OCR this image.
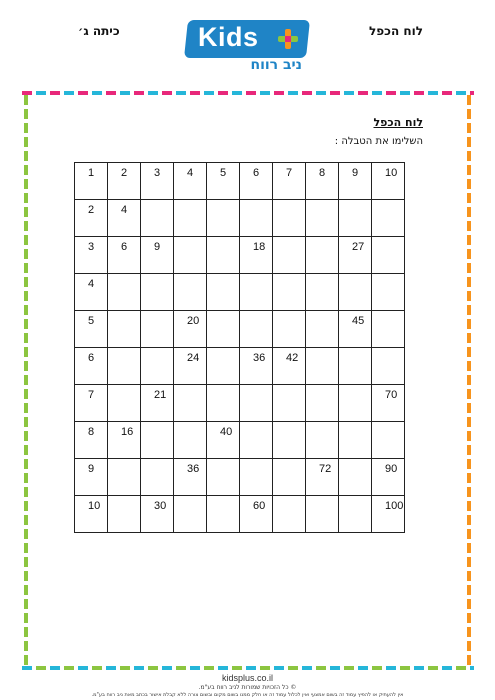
לוח הכפל
כיתה ג׳	Kids
ניב רווח
לוח הכפל
השלימו את הטבלה :
1	2	3	4	5	6	7	8	9	10
2	4								
3	6	9			18			27	
4									
5			20					45	
6			24		36	42			
7		21							70
8	16			40					
9			36				72		90
10		30			60				100
kidsplus.co.il
© כל הזכויות שמורות לניב רווח בע"מ.
אין להעתיק או להפיץ עמוד זה בשום אמצעי ואין לכלול עמוד זה או חלק ממנו בשום מקום ובשום צורה ללא קבלת אישור בכתב מאת ניב רווח בע"מ.
